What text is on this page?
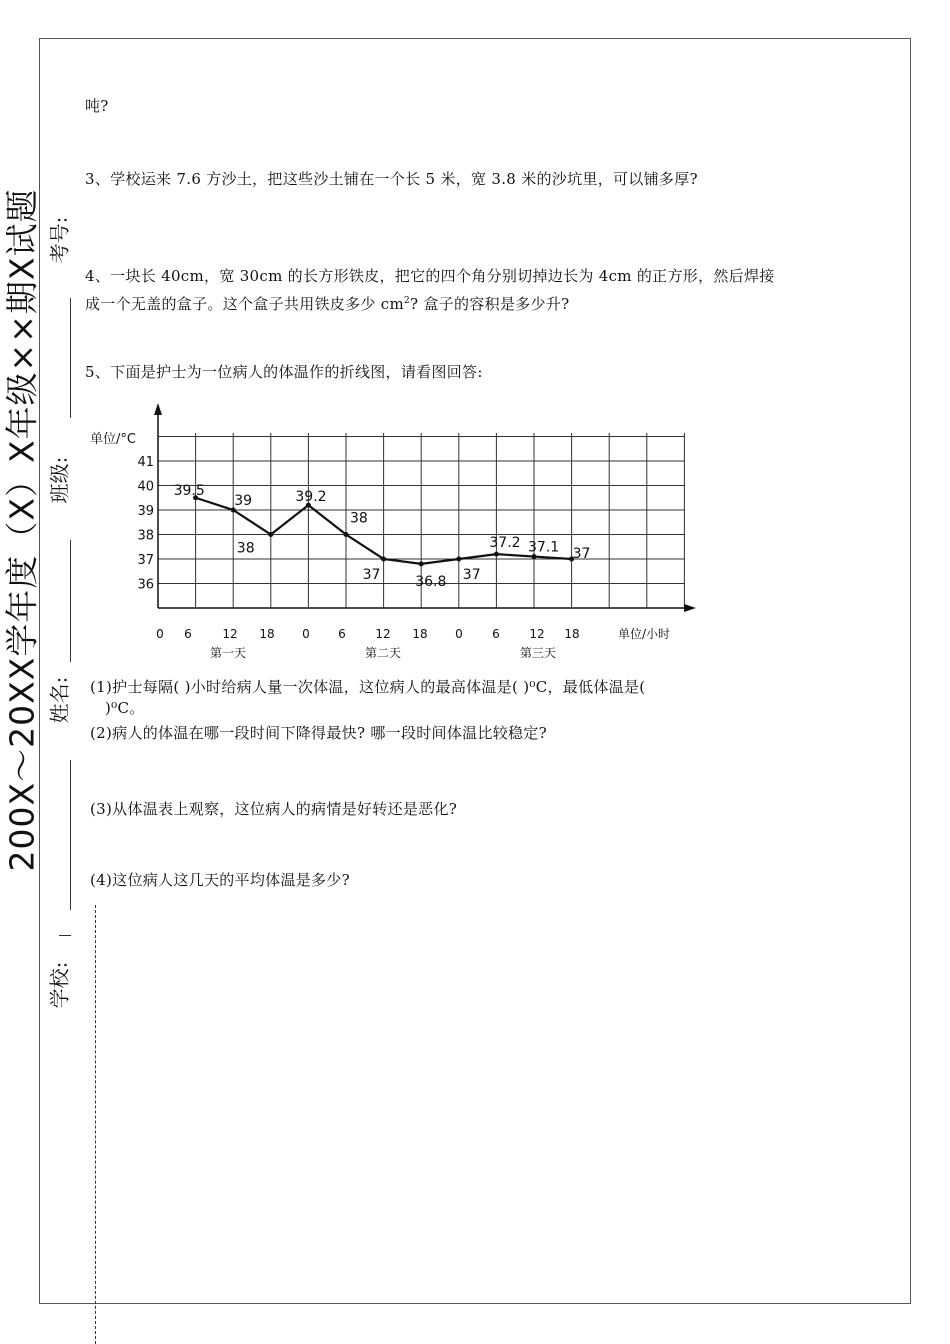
200X～20XX学年度（X）X年级××期X试题 考号:
班级:
姓名:
学校:
吨?
3、学校运来 7.6 方沙土，把这些沙土铺在一个长 5 米，宽 3.8 米的沙坑里，可以铺多厚?
4、一块长 40cm，宽 30cm 的长方形铁皮，把它的四个角分别切掉边长为 4cm 的正方形，然后焊接
成一个无盖的盒子。这个盒子共用铁皮多少 $cm^2$? 盒子的容积是多少升?
5、下面是护士为一位病人的体温作的折线图，请看图回答:
41
40
39
38
37
36
0 6	12 18 0 6 12 18 0 6 12 18
第一天	第二天	第三天
39.5
39
38
39.2
38
37 36.8 37
37.2 37.1 37
单位/°C
单位/小时
(1)护士每隔( )小时给病人量一次体温，这位病人的最高体温是( )⁰C，最低体温是(
)⁰C。
(2)病人的体温在哪一段时间下降得最快? 哪一段时间体温比较稳定?
(3)从体温表上观察，这位病人的病情是好转还是恶化?
(4)这位病人这几天的平均体温是多少?
